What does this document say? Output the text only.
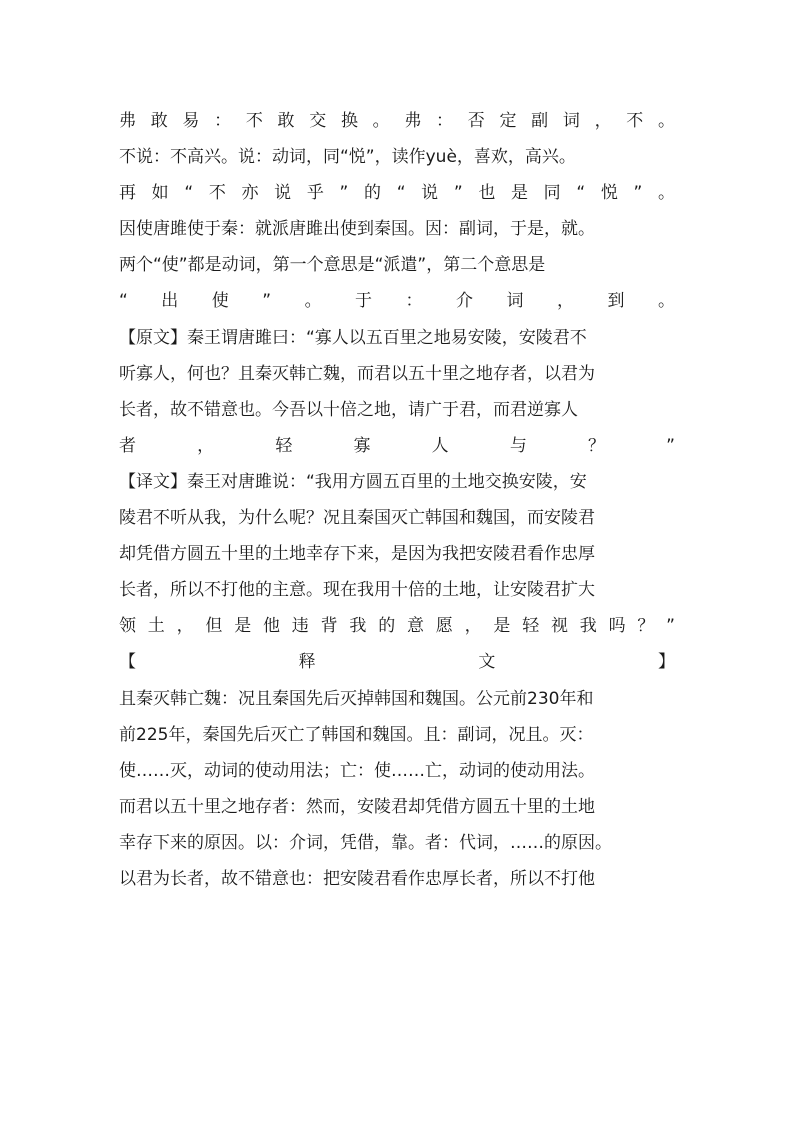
弗敢易：不敢交换。弗：否定副词，不。
不说：不高兴。说：动词，同“悦”，读作yuè，喜欢，高兴。
再如“不亦说乎”的“说”也是同“悦”。
因使唐雎使于秦：就派唐雎出使到秦国。因：副词，于是，就。
两个“使”都是动词，第一个意思是“派遣”，第二个意思是
“出使”。于：介词，到。
【原文】秦王谓唐雎曰：“寡人以五百里之地易安陵，安陵君不
听寡人，何也？且秦灭韩亡魏，而君以五十里之地存者，以君为
长者，故不错意也。今吾以十倍之地，请广于君，而君逆寡人
者，轻寡人与？”
【译文】秦王对唐雎说：“我用方圆五百里的土地交换安陵，安
陵君不听从我，为什么呢？况且秦国灭亡韩国和魏国，而安陵君
却凭借方圆五十里的土地幸存下来，是因为我把安陵君看作忠厚
长者，所以不打他的主意。现在我用十倍的土地，让安陵君扩大
领土，但是他违背我的意愿，是轻视我吗？”
【释文】
且秦灭韩亡魏：况且秦国先后灭掉韩国和魏国。公元前230年和
前225年，秦国先后灭亡了韩国和魏国。且：副词，况且。灭：
使……灭，动词的使动用法；亡：使……亡，动词的使动用法。
而君以五十里之地存者：然而，安陵君却凭借方圆五十里的土地
幸存下来的原因。以：介词，凭借，靠。者：代词，……的原因。
以君为长者，故不错意也：把安陵君看作忠厚长者，所以不打他
